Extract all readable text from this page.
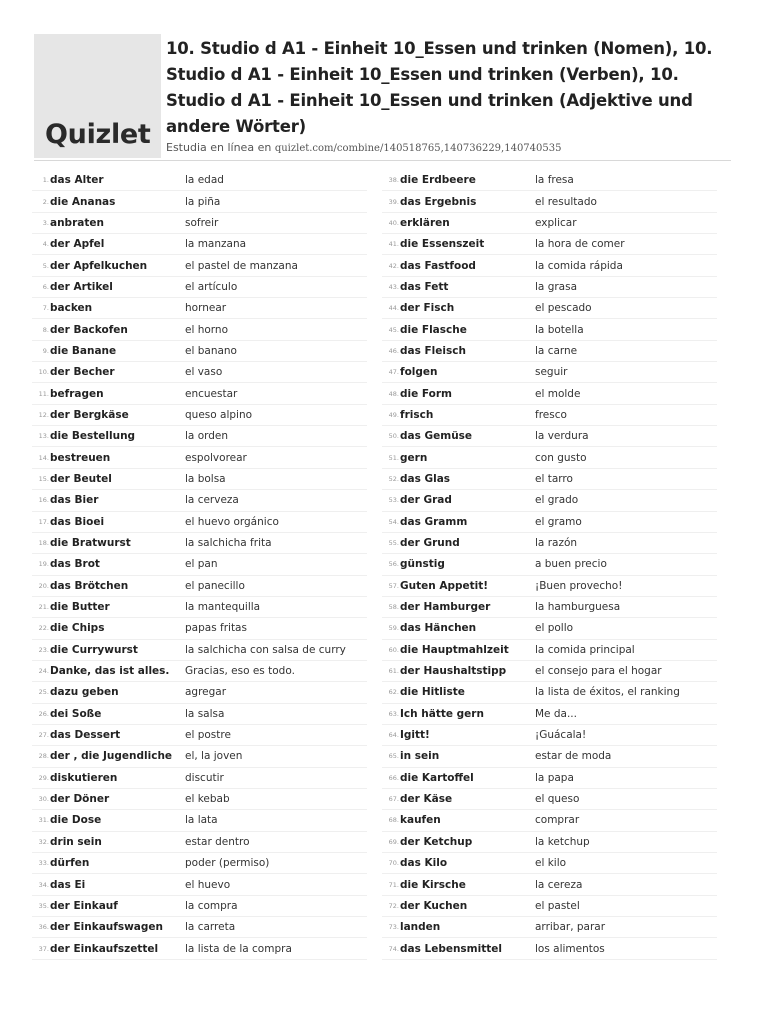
Quizlet
10. Studio d A1 - Einheit 10_Essen und trinken (Nomen), 10. Studio d A1 - Einheit 10_Essen und trinken (Verben), 10. Studio d A1 - Einheit 10_Essen und trinken (Adjektive und andere Wörter)
Estudia en línea en quizlet.com/combine/140518765,140736229,140740535
1. das Alter	la edad
2. die Ananas	la piña
3. anbraten	sofreir
4. der Apfel	la manzana
5. der Apfelkuchen	el pastel de manzana
6. der Artikel	el artículo
7. backen	hornear
8. der Backofen	el horno
9. die Banane	el banano
10. der Becher	el vaso
11. befragen	encuestar
12. der Bergkäse	queso alpino
13. die Bestellung	la orden
14. bestreuen	espolvorear
15. der Beutel	la bolsa
16. das Bier	la cerveza
17. das Bioei	el huevo orgánico
18. die Bratwurst	la salchicha frita
19. das Brot	el pan
20. das Brötchen	el panecillo
21. die Butter	la mantequilla
22. die Chips	papas fritas
23. die Currywurst	la salchicha con salsa de curry
24. Danke, das ist alles.	Gracias, eso es todo.
25. dazu geben	agregar
26. dei Soße	la salsa
27. das Dessert	el postre
28. der , die Jugendliche	el, la joven
29. diskutieren	discutir
30. der Döner	el kebab
31. die Dose	la lata
32. drin sein	estar dentro
33. dürfen	poder (permiso)
34. das Ei	el huevo
35. der Einkauf	la compra
36. der Einkaufswagen	la carreta
37. der Einkaufszettel	la lista de la compra
38. die Erdbeere	la fresa
39. das Ergebnis	el resultado
40. erklären	explicar
41. die Essenszeit	la hora de comer
42. das Fastfood	la comida rápida
43. das Fett	la grasa
44. der Fisch	el pescado
45. die Flasche	la botella
46. das Fleisch	la carne
47. folgen	seguir
48. die Form	el molde
49. frisch	fresco
50. das Gemüse	la verdura
51. gern	con gusto
52. das Glas	el tarro
53. der Grad	el grado
54. das Gramm	el gramo
55. der Grund	la razón
56. günstig	a buen precio
57. Guten Appetit!	¡Buen provecho!
58. der Hamburger	la hamburguesa
59. das Hänchen	el pollo
60. die Hauptmahlzeit	la comida principal
61. der Haushaltstipp	el consejo para el hogar
62. die Hitliste	la lista de éxitos, el ranking
63. Ich hätte gern	Me da...
64. Igitt!	¡Guácala!
65. in sein	estar de moda
66. die Kartoffel	la papa
67. der Käse	el queso
68. kaufen	comprar
69. der Ketchup	la ketchup
70. das Kilo	el kilo
71. die Kirsche	la cereza
72. der Kuchen	el pastel
73. landen	arribar, parar
74. das Lebensmittel	los alimentos
